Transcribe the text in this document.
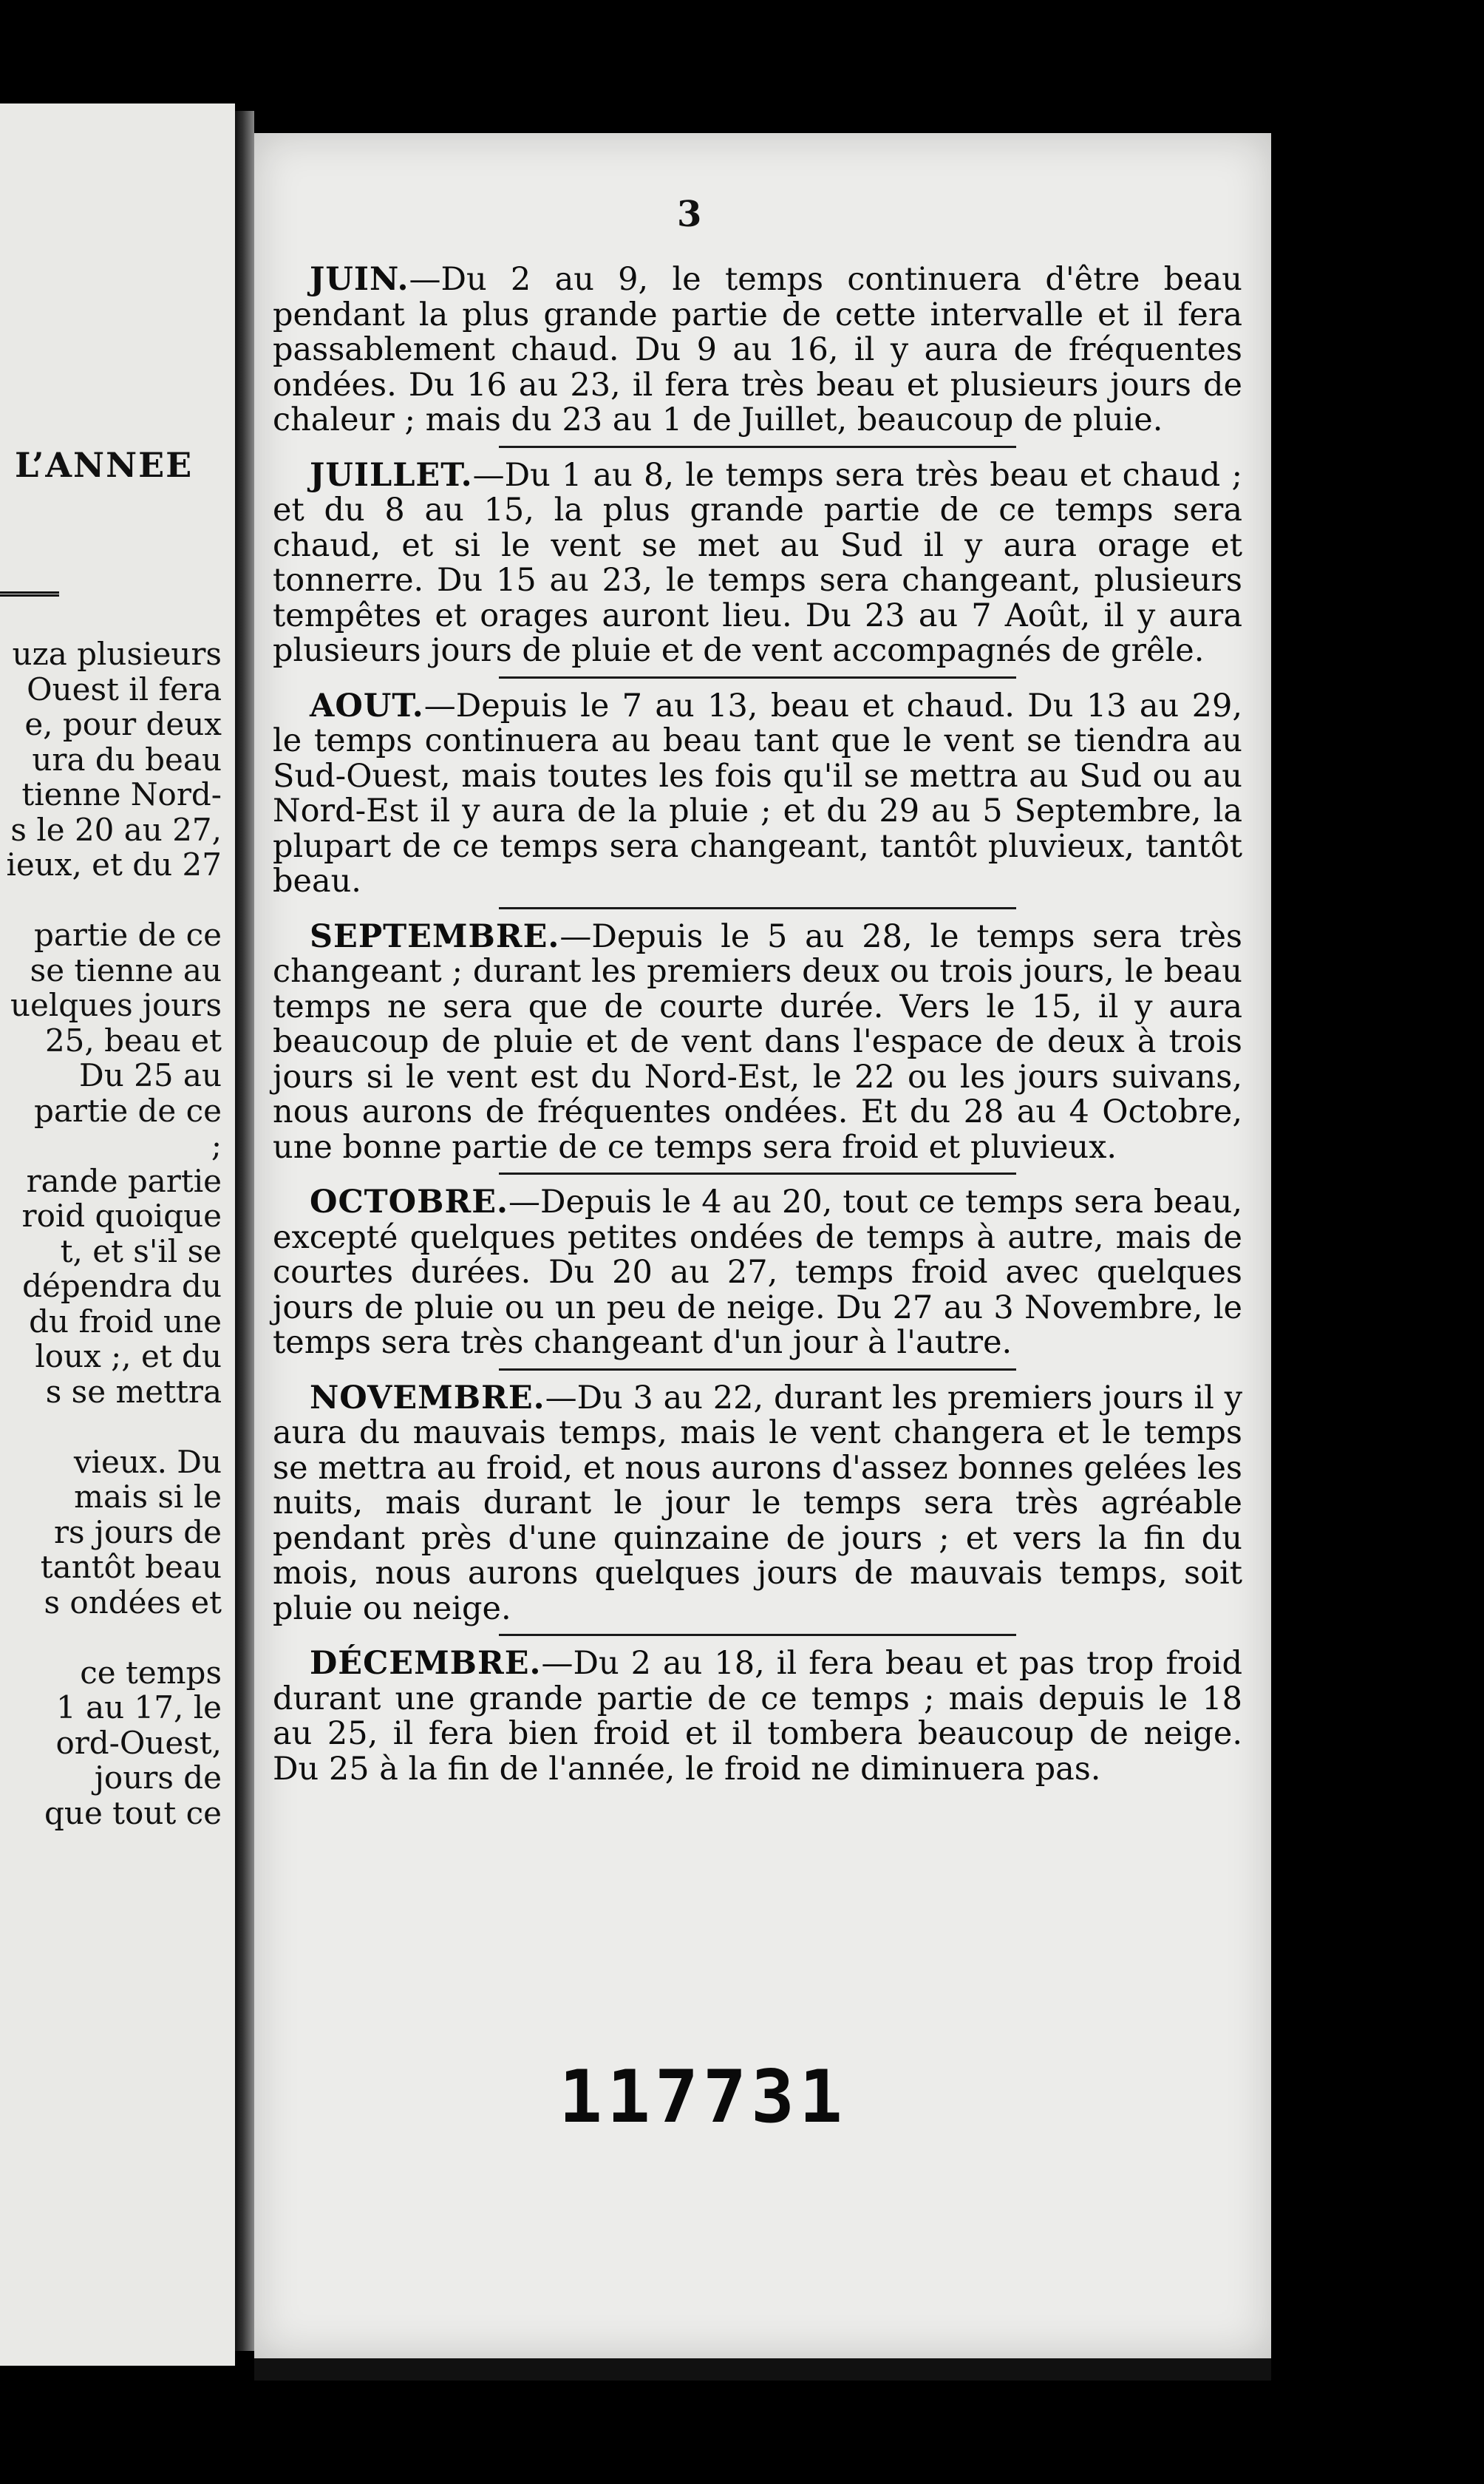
L’ANNEE
uza plusieurs
Ouest il fera
e, pour deux
ura du beau
tienne Nord-
s le 20 au 27,
ieux, et du 27
partie de ce
se tienne au
uelques jours
25, beau et
Du 25 au
partie de ce
;
rande partie
roid quoique
t, et s'il se
dépendra du
du froid une
loux ;, et du
s se mettra
vieux. Du
mais si le
rs jours de
tantôt beau
s ondées et
ce temps
1 au 17, le
ord-Ouest,
jours de
que tout ce
3

JUIN.—Du 2 au 9, le temps continuera d'être beau pendant la plus grande partie de cette intervalle et il fera passablement chaud. Du 9 au 16, il y aura de fréquentes ondées. Du 16 au 23, il fera très beau et plusieurs jours de chaleur ; mais du 23 au 1 de Juillet, beaucoup de pluie.

JUILLET.—Du 1 au 8, le temps sera très beau et chaud ; et du 8 au 15, la plus grande partie de ce temps sera chaud, et si le vent se met au Sud il y aura orage et tonnerre. Du 15 au 23, le temps sera changeant, plusieurs tempêtes et orages auront lieu. Du 23 au 7 Août, il y aura plusieurs jours de pluie et de vent accompagnés de grêle.

AOUT.—Depuis le 7 au 13, beau et chaud. Du 13 au 29, le temps continuera au beau tant que le vent se tiendra au Sud-Ouest, mais toutes les fois qu'il se mettra au Sud ou au Nord-Est il y aura de la pluie ; et du 29 au 5 Septembre, la plupart de ce temps sera changeant, tantôt pluvieux, tantôt beau.

SEPTEMBRE.—Depuis le 5 au 28, le temps sera très changeant ; durant les premiers deux ou trois jours, le beau temps ne sera que de courte durée. Vers le 15, il y aura beaucoup de pluie et de vent dans l'espace de deux à trois jours si le vent est du Nord-Est, le 22 ou les jours suivans, nous aurons de fréquentes ondées. Et du 28 au 4 Octobre, une bonne partie de ce temps sera froid et pluvieux.

OCTOBRE.—Depuis le 4 au 20, tout ce temps sera beau, excepté quelques petites ondées de temps à autre, mais de courtes durées. Du 20 au 27, temps froid avec quelques jours de pluie ou un peu de neige. Du 27 au 3 Novembre, le temps sera très changeant d'un jour à l'autre.

NOVEMBRE.—Du 3 au 22, durant les premiers jours il y aura du mauvais temps, mais le vent changera et le temps se mettra au froid, et nous aurons d'assez bonnes gelées les nuits, mais durant le jour le temps sera très agréable pendant près d'une quinzaine de jours ; et vers la fin du mois, nous aurons quelques jours de mauvais temps, soit pluie ou neige.

DÉCEMBRE.—Du 2 au 18, il fera beau et pas trop froid durant une grande partie de ce temps ; mais depuis le 18 au 25, il fera bien froid et il tombera beaucoup de neige. Du 25 à la fin de l'année, le froid ne diminuera pas.

117731
